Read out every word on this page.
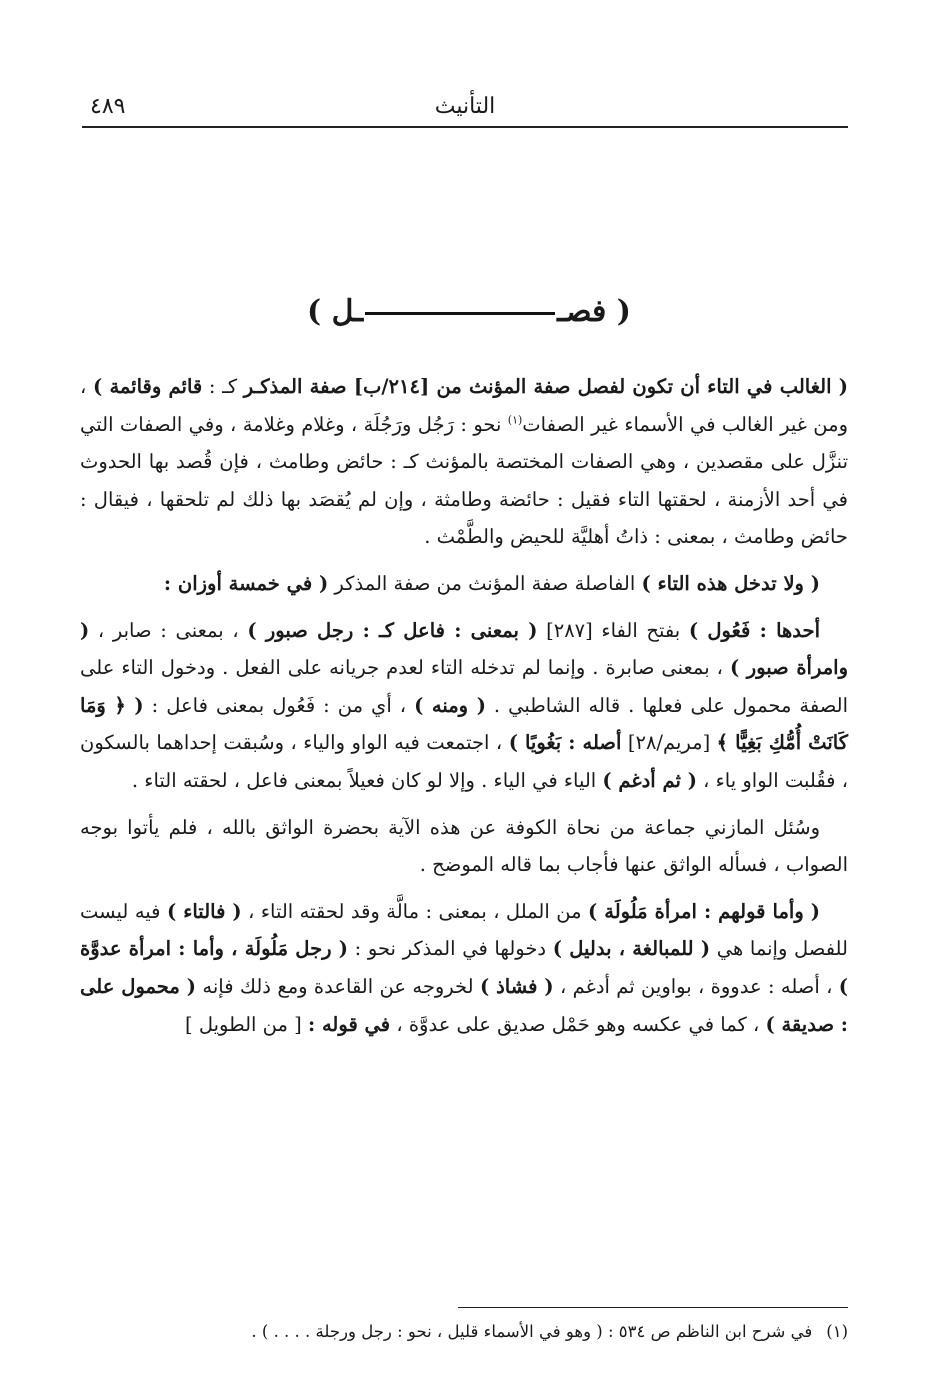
التأنيث
٤٨٩
( فصــل )

( الغالب في التاء أن تكون لفصل صفة المؤنث من [٢١٤/ب] صفة المذكـر كـ : قائم وقائمة ) ، ومن غير الغالب في الأسماء غير الصفات$^{(١)}$ نحو : رَجُل ورَجُلَة ، وغلام وغلامة ، وفي الصفات التي تنزَّل على مقصدين ، وهي الصفات المختصة بالمؤنث كـ : حائض وطامث ، فإن قُصد بها الحدوث في أحد الأزمنة ، لحقتها التاء فقيل : حائضة وطامثة ، وإن لم يُقصَد بها ذلك لم تلحقها ، فيقال : حائض وطامث ، بمعنى : ذاتُ أهليَّة للحيض والطَّمْث .

( ولا تدخل هذه التاء ) الفاصلة صفة المؤنث من صفة المذكر ( في خمسة أوزان :

أحدها : فَعُول ) بفتح الفاء [٢٨٧] ( بمعنى : فاعل كـ : رجل صبور ) ، بمعنى : صابر ، ( وامرأة صبور ) ، بمعنى صابرة . وإنما لم تدخله التاء لعدم جريانه على الفعل . ودخول التاء على الصفة محمول على فعلها . قاله الشاطبي . ( ومنه ) ، أي من : فَعُول بمعنى فاعل : ( ﴿ وَمَا كَانَتْ أُمُّكِ بَغِيًّا ﴾ [مريم/٢٨] أصله : بَغُويًا ) ، اجتمعت فيه الواو والياء ، وسُبقت إحداهما بالسكون ، فقُلبت الواو ياء ، ( ثم أدغم ) الياء في الياء . وإلا لو كان فعيلاً بمعنى فاعل ، لحقته التاء .

وسُئل المازني جماعة من نحاة الكوفة عن هذه الآية بحضرة الواثق بالله ، فلم يأتوا بوجه الصواب ، فسأله الواثق عنها فأجاب بما قاله الموضح .

( وأما قولهم : امرأة مَلُولَة ) من الملل ، بمعنى : مالَّة وقد لحقته التاء ، ( فالتاء ) فيه ليست للفصل وإنما هي ( للمبالغة ، بدليل ) دخولها في المذكر نحو : ( رجل مَلُولَة ، وأما : امرأة عدوَّة ) ، أصله : عدووة ، بواوين ثم أدغم ، ( فشاذ ) لخروجه عن القاعدة ومع ذلك فإنه ( محمول على : صديقة ) ، كما في عكسه وهو حَمْل صديق على عدوَّة ، في قوله : [ من الطويل ]

(١)في شرح ابن الناظم ص ٥٣٤ : ( وهو في الأسماء قليل ، نحو : رجل ورجلة . . . . ) .
